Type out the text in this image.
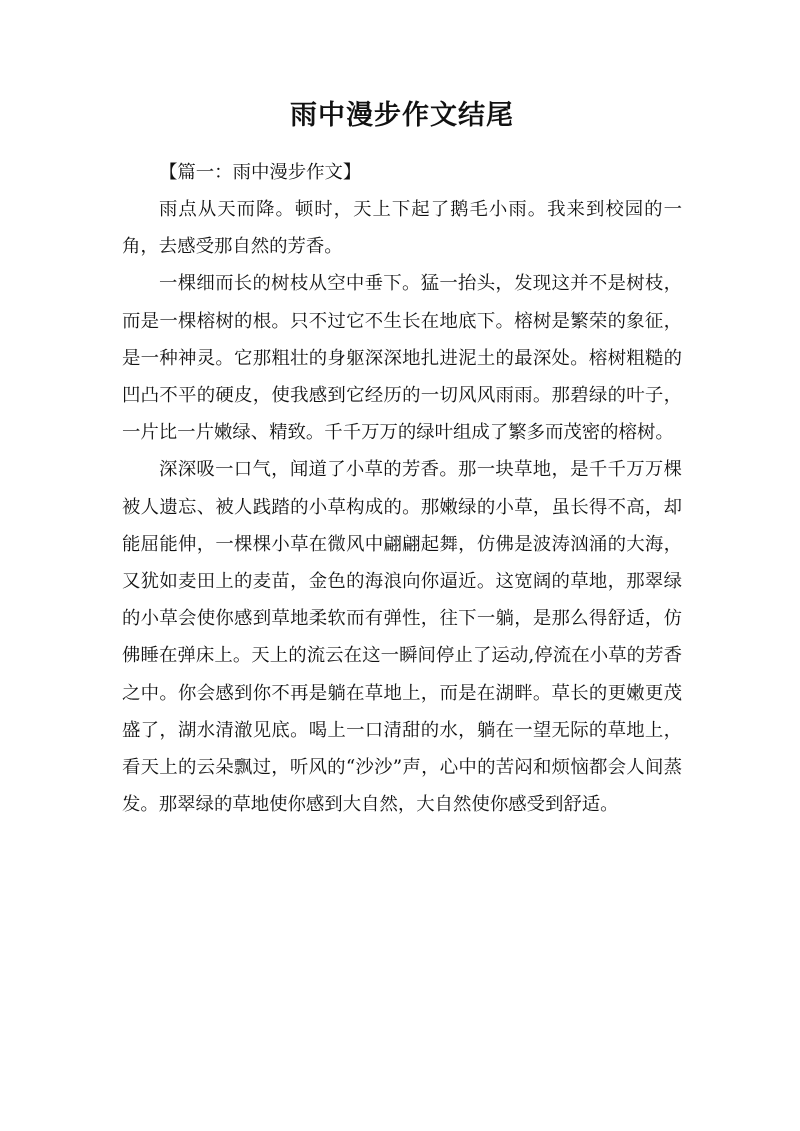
雨中漫步作文结尾

【篇一：雨中漫步作文】

雨点从天而降。顿时，天上下起了鹅毛小雨。我来到校园的一角，去感受那自然的芳香。

一棵细而长的树枝从空中垂下。猛一抬头，发现这并不是树枝，而是一棵榕树的根。只不过它不生长在地底下。榕树是繁荣的象征，是一种神灵。它那粗壮的身躯深深地扎进泥土的最深处。榕树粗糙的凹凸不平的硬皮，使我感到它经历的一切风风雨雨。那碧绿的叶子，一片比一片嫩绿、精致。千千万万的绿叶组成了繁多而茂密的榕树。

深深吸一口气，闻道了小草的芳香。那一块草地，是千千万万棵被人遗忘、被人践踏的小草构成的。那嫩绿的小草，虽长得不高，却能屈能伸，一棵棵小草在微风中翩翩起舞，仿佛是波涛汹涌的大海，又犹如麦田上的麦苗，金色的海浪向你逼近。这宽阔的草地，那翠绿的小草会使你感到草地柔软而有弹性，往下一躺，是那么得舒适，仿佛睡在弹床上。天上的流云在这一瞬间停止了运动,停流在小草的芳香之中。你会感到你不再是躺在草地上，而是在湖畔。草长的更嫩更茂盛了，湖水清澈见底。喝上一口清甜的水，躺在一望无际的草地上，看天上的云朵飘过，听风的“沙沙”声，心中的苦闷和烦恼都会人间蒸发。那翠绿的草地使你感到大自然，大自然使你感受到舒适。
